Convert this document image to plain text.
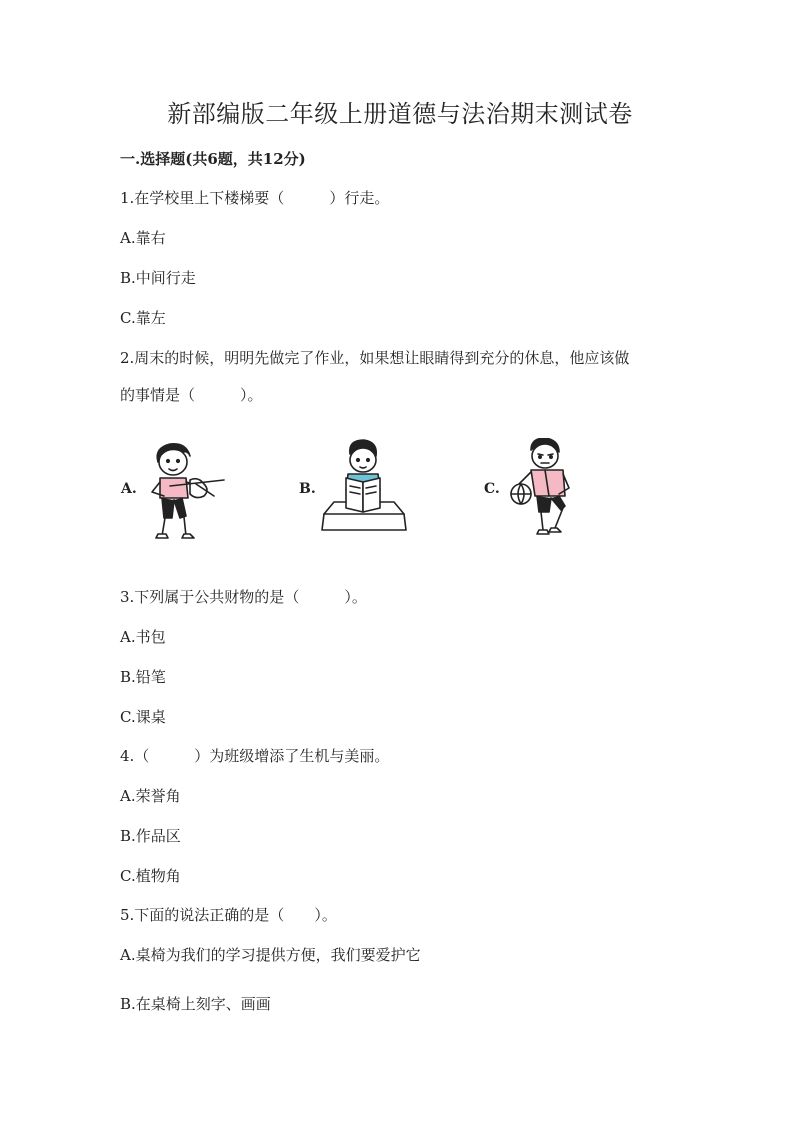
新部编版二年级上册道德与法治期末测试卷
一.选择题(共6题，共12分)
1.在学校里上下楼梯要（　　　）行走。
A.靠右
B.中间行走
C.靠左
2.周末的时候，明明先做完了作业，如果想让眼睛得到充分的休息，他应该做
的事情是（　　　）。
A.	B.	C.
3.下列属于公共财物的是（　　　）。
A.书包
B.铅笔
C.课桌
4.（　　　）为班级增添了生机与美丽。
A.荣誉角
B.作品区
C.植物角
5.下面的说法正确的是（　　）。
A.桌椅为我们的学习提供方便，我们要爱护它
B.在桌椅上刻字、画画
